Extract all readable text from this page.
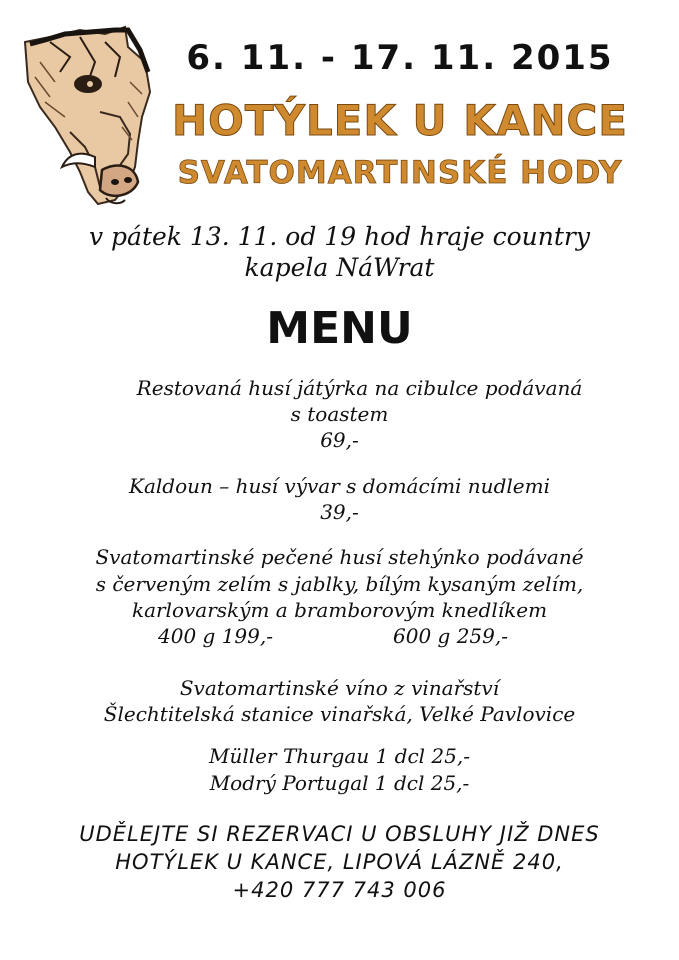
6. 11. - 17. 11. 2015
HOTÝLEK U KANCE
SVATOMARTINSKÉ HODY
v pátek 13. 11. od 19 hod hraje country
kapela NáWrat
MENU
Restovaná husí játýrka na cibulce podávaná
s toastem
69,-
Kaldoun – husí vývar s domácími nudlemi
39,-
Svatomartinské pečené husí stehýnko podávané
s červeným zelím s jablky, bílým kysaným zelím,
karlovarským a bramborovým knedlíkem
400 g 199,-	600 g 259,-
Svatomartinské víno z vinařství
Šlechtitelská stanice vinařská, Velké Pavlovice
Müller Thurgau 1 dcl 25,-
Modrý Portugal 1 dcl 25,-
UDĚLEJTE SI REZERVACI U OBSLUHY JIŽ DNES
HOTÝLEK U KANCE, LIPOVÁ LÁZNĚ 240,
+420 777 743 006
